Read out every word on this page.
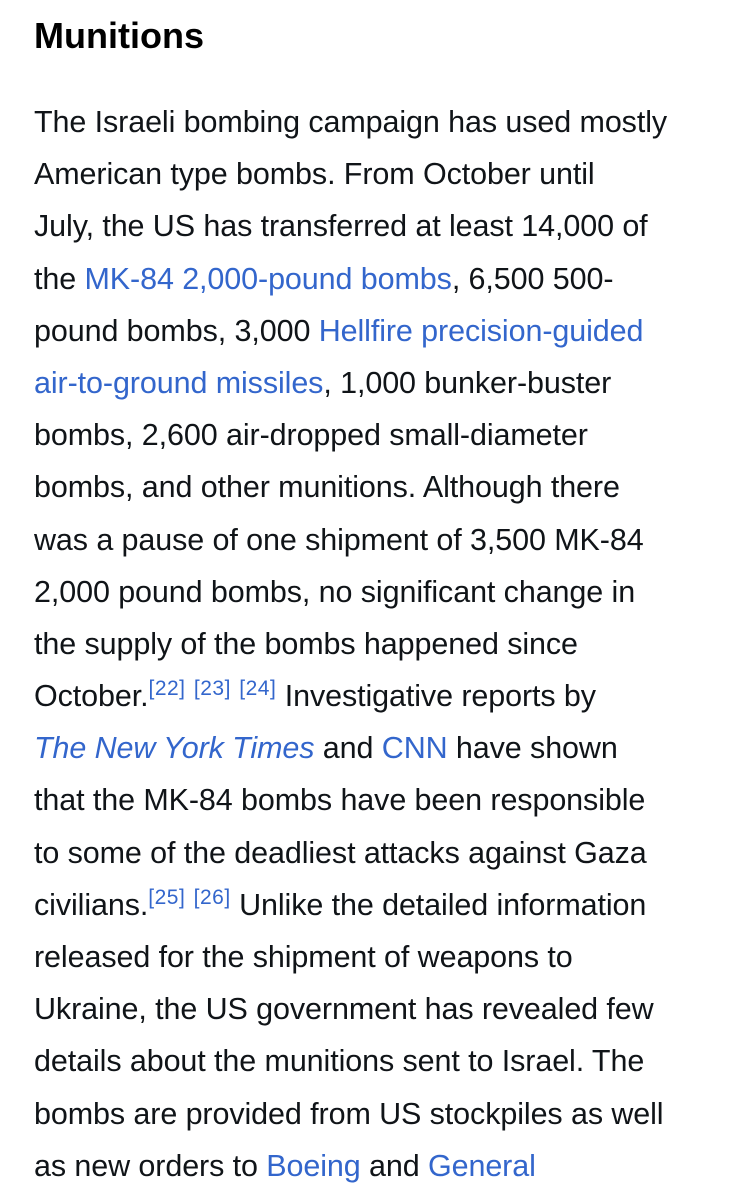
Munitions
The Israeli bombing campaign has used mostly
American type bombs. From October until
July, the US has transferred at least 14,000 of
the MK-84 2,000-pound bombs, 6,500 500-
pound bombs, 3,000 Hellfire precision-guided
air-to-ground missiles, 1,000 bunker-buster
bombs, 2,600 air-dropped small-diameter
bombs, and other munitions. Although there
was a pause of one shipment of 3,500 MK-84
2,000 pound bombs, no significant change in
the supply of the bombs happened since
October.[22] [23] [24] Investigative reports by
The New York Times and CNN have shown
that the MK-84 bombs have been responsible
to some of the deadliest attacks against Gaza
civilians.[25] [26] Unlike the detailed information
released for the shipment of weapons to
Ukraine, the US government has revealed few
details about the munitions sent to Israel. The
bombs are provided from US stockpiles as well
as new orders to Boeing and General
